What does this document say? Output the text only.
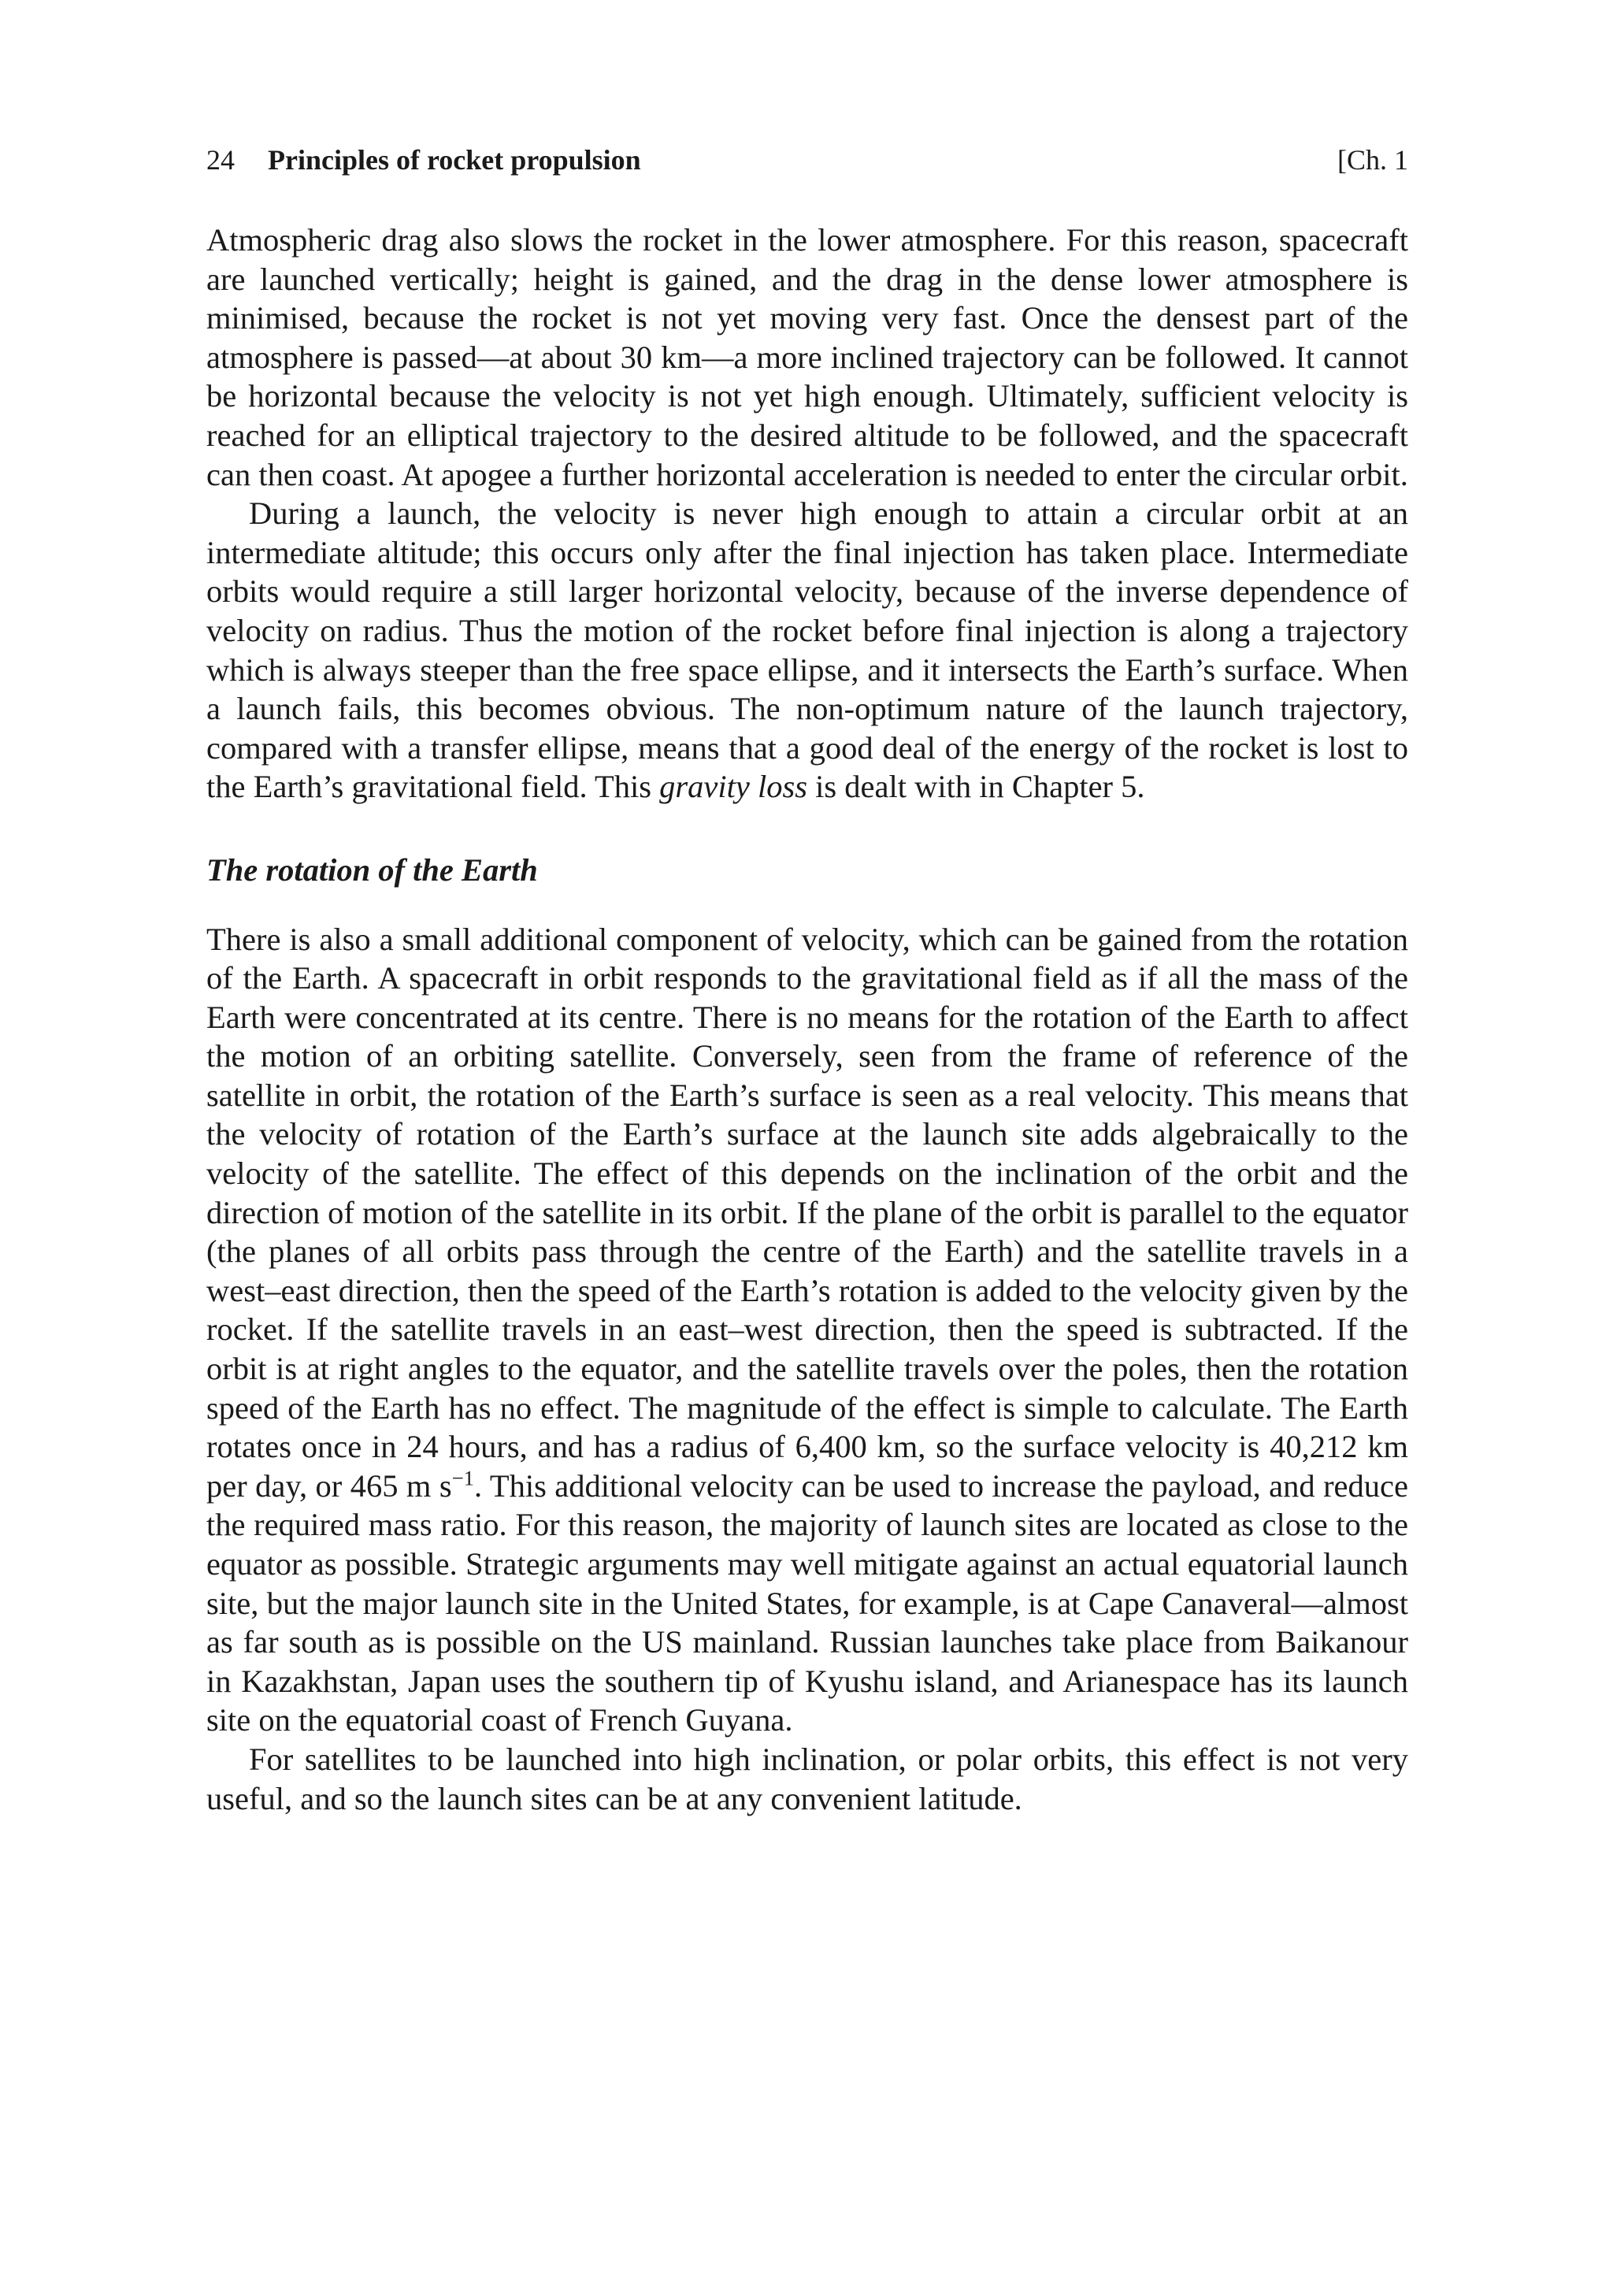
24 Principles of rocket propulsion	[Ch. 1

Atmospheric drag also slows the rocket in the lower atmosphere. For this reason, spacecraft are launched vertically; height is gained, and the drag in the dense lower atmosphere is minimised, because the rocket is not yet moving very fast. Once the densest part of the atmosphere is passed—at about 30 km—a more inclined trajectory can be followed. It cannot be horizontal because the velocity is not yet high enough. Ultimately, sufficient velocity is reached for an elliptical trajectory to the desired altitude to be followed, and the spacecraft can then coast. At apogee a further horizontal acceleration is needed to enter the circular orbit.

During a launch, the velocity is never high enough to attain a circular orbit at an intermediate altitude; this occurs only after the final injection has taken place. Intermediate orbits would require a still larger horizontal velocity, because of the inverse dependence of velocity on radius. Thus the motion of the rocket before final injection is along a trajectory which is always steeper than the free space ellipse, and it intersects the Earth’s surface. When a launch fails, this becomes obvious. The non-optimum nature of the launch trajectory, compared with a transfer ellipse, means that a good deal of the energy of the rocket is lost to the Earth’s gravitational field. This gravity loss is dealt with in Chapter 5.

The rotation of the Earth

There is also a small additional component of velocity, which can be gained from the rotation of the Earth. A spacecraft in orbit responds to the gravitational field as if all the mass of the Earth were concentrated at its centre. There is no means for the rotation of the Earth to affect the motion of an orbiting satellite. Conversely, seen from the frame of reference of the satellite in orbit, the rotation of the Earth’s surface is seen as a real velocity. This means that the velocity of rotation of the Earth’s surface at the launch site adds algebraically to the velocity of the satellite. The effect of this depends on the inclination of the orbit and the direction of motion of the satellite in its orbit. If the plane of the orbit is parallel to the equator (the planes of all orbits pass through the centre of the Earth) and the satellite travels in a west–east direction, then the speed of the Earth’s rotation is added to the velocity given by the rocket. If the satellite travels in an east–west direction, then the speed is subtracted. If the orbit is at right angles to the equator, and the satellite travels over the poles, then the rotation speed of the Earth has no effect. The magnitude of the effect is simple to calculate. The Earth rotates once in 24 hours, and has a radius of 6,400 km, so the surface velocity is 40,212 km per day, or 465 m $s^{-1}$. This additional velocity can be used to increase the payload, and reduce the required mass ratio. For this reason, the majority of launch sites are located as close to the equator as possible. Strategic arguments may well mitigate against an actual equatorial launch site, but the major launch site in the United States, for example, is at Cape Canaveral—almost as far south as is possible on the US mainland. Russian launches take place from Baikanour in Kazakhstan, Japan uses the southern tip of Kyushu island, and Arianespace has its launch site on the equatorial coast of French Guyana.

For satellites to be launched into high inclination, or polar orbits, this effect is not very useful, and so the launch sites can be at any convenient latitude.
